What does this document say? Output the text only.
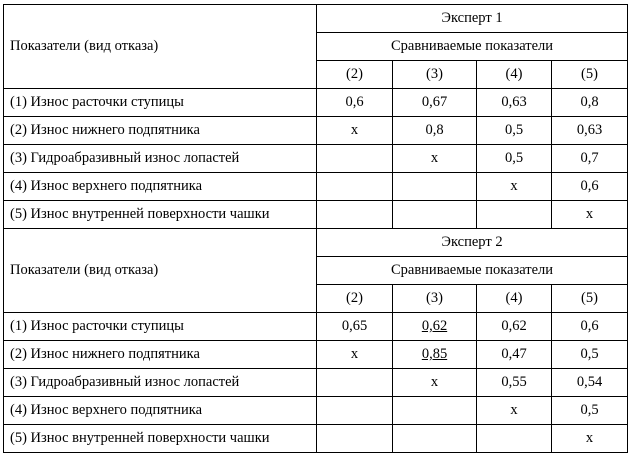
Показатели (вид отказа)	Эксперт 1			
	Сравниваемые показатели			
	(2)	(3)	(4)	(5)
(1) Износ расточки ступицы	0,6	0,67	0,63	0,8
(2) Износ нижнего подпятника	x	0,8	0,5	0,63
(3) Гидроабразивный износ лопастей		x	0,5	0,7
(4) Износ верхнего подпятника			x	0,6
(5) Износ внутренней поверхности чашки				x
Показатели (вид отказа)	Эксперт 2			
	Сравниваемые показатели			
	(2)	(3)	(4)	(5)
(1) Износ расточки ступицы	0,65	0,62	0,62	0,6
(2) Износ нижнего подпятника	x	0,85	0,47	0,5
(3) Гидроабразивный износ лопастей		x	0,55	0,54
(4) Износ верхнего подпятника			x	0,5
(5) Износ внутренней поверхности чашки				x
